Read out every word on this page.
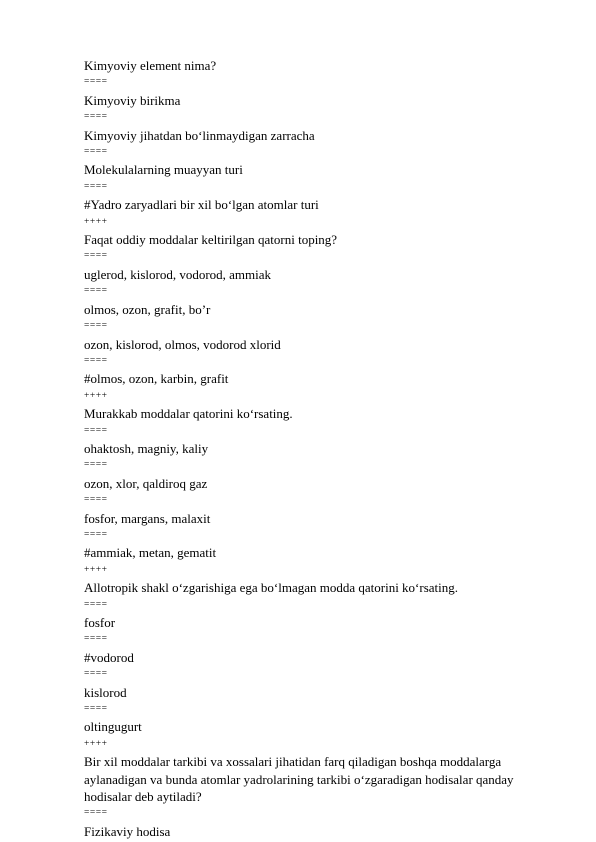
Kimyoviy element nima?
====
Kimyoviy birikma
====
Kimyoviy jihatdan bo‘linmaydigan zarracha
====
Molekulalarning muayyan turi
====
#Yadro zaryadlari bir xil bo‘lgan atomlar turi
++++
Faqat oddiy moddalar keltirilgan qatorni toping?
====
uglerod, kislorod, vodorod, ammiak
====
olmos, ozon, grafit, bo’r
====
ozon, kislorod, olmos, vodorod xlorid
====
#olmos, ozon, karbin, grafit
++++
Murakkab moddalar qatorini ko‘rsating.
====
ohaktosh, magniy, kaliy
====
ozon, xlor, qaldiroq gaz
====
fosfor, margans, malaxit
====
#ammiak, metan, gematit
++++
Allotropik shakl o‘zgarishiga ega bo‘lmagan modda qatorini ko‘rsating.
====
fosfor
====
#vodorod
====
kislorod
====
oltingugurt
++++
Bir xil moddalar tarkibi va xossalari jihatidan farq qiladigan boshqa moddalarga aylanadigan va bunda atomlar yadrolarining tarkibi o‘zgaradigan hodisalar qanday hodisalar deb aytiladi?
====
Fizikaviy hodisa
